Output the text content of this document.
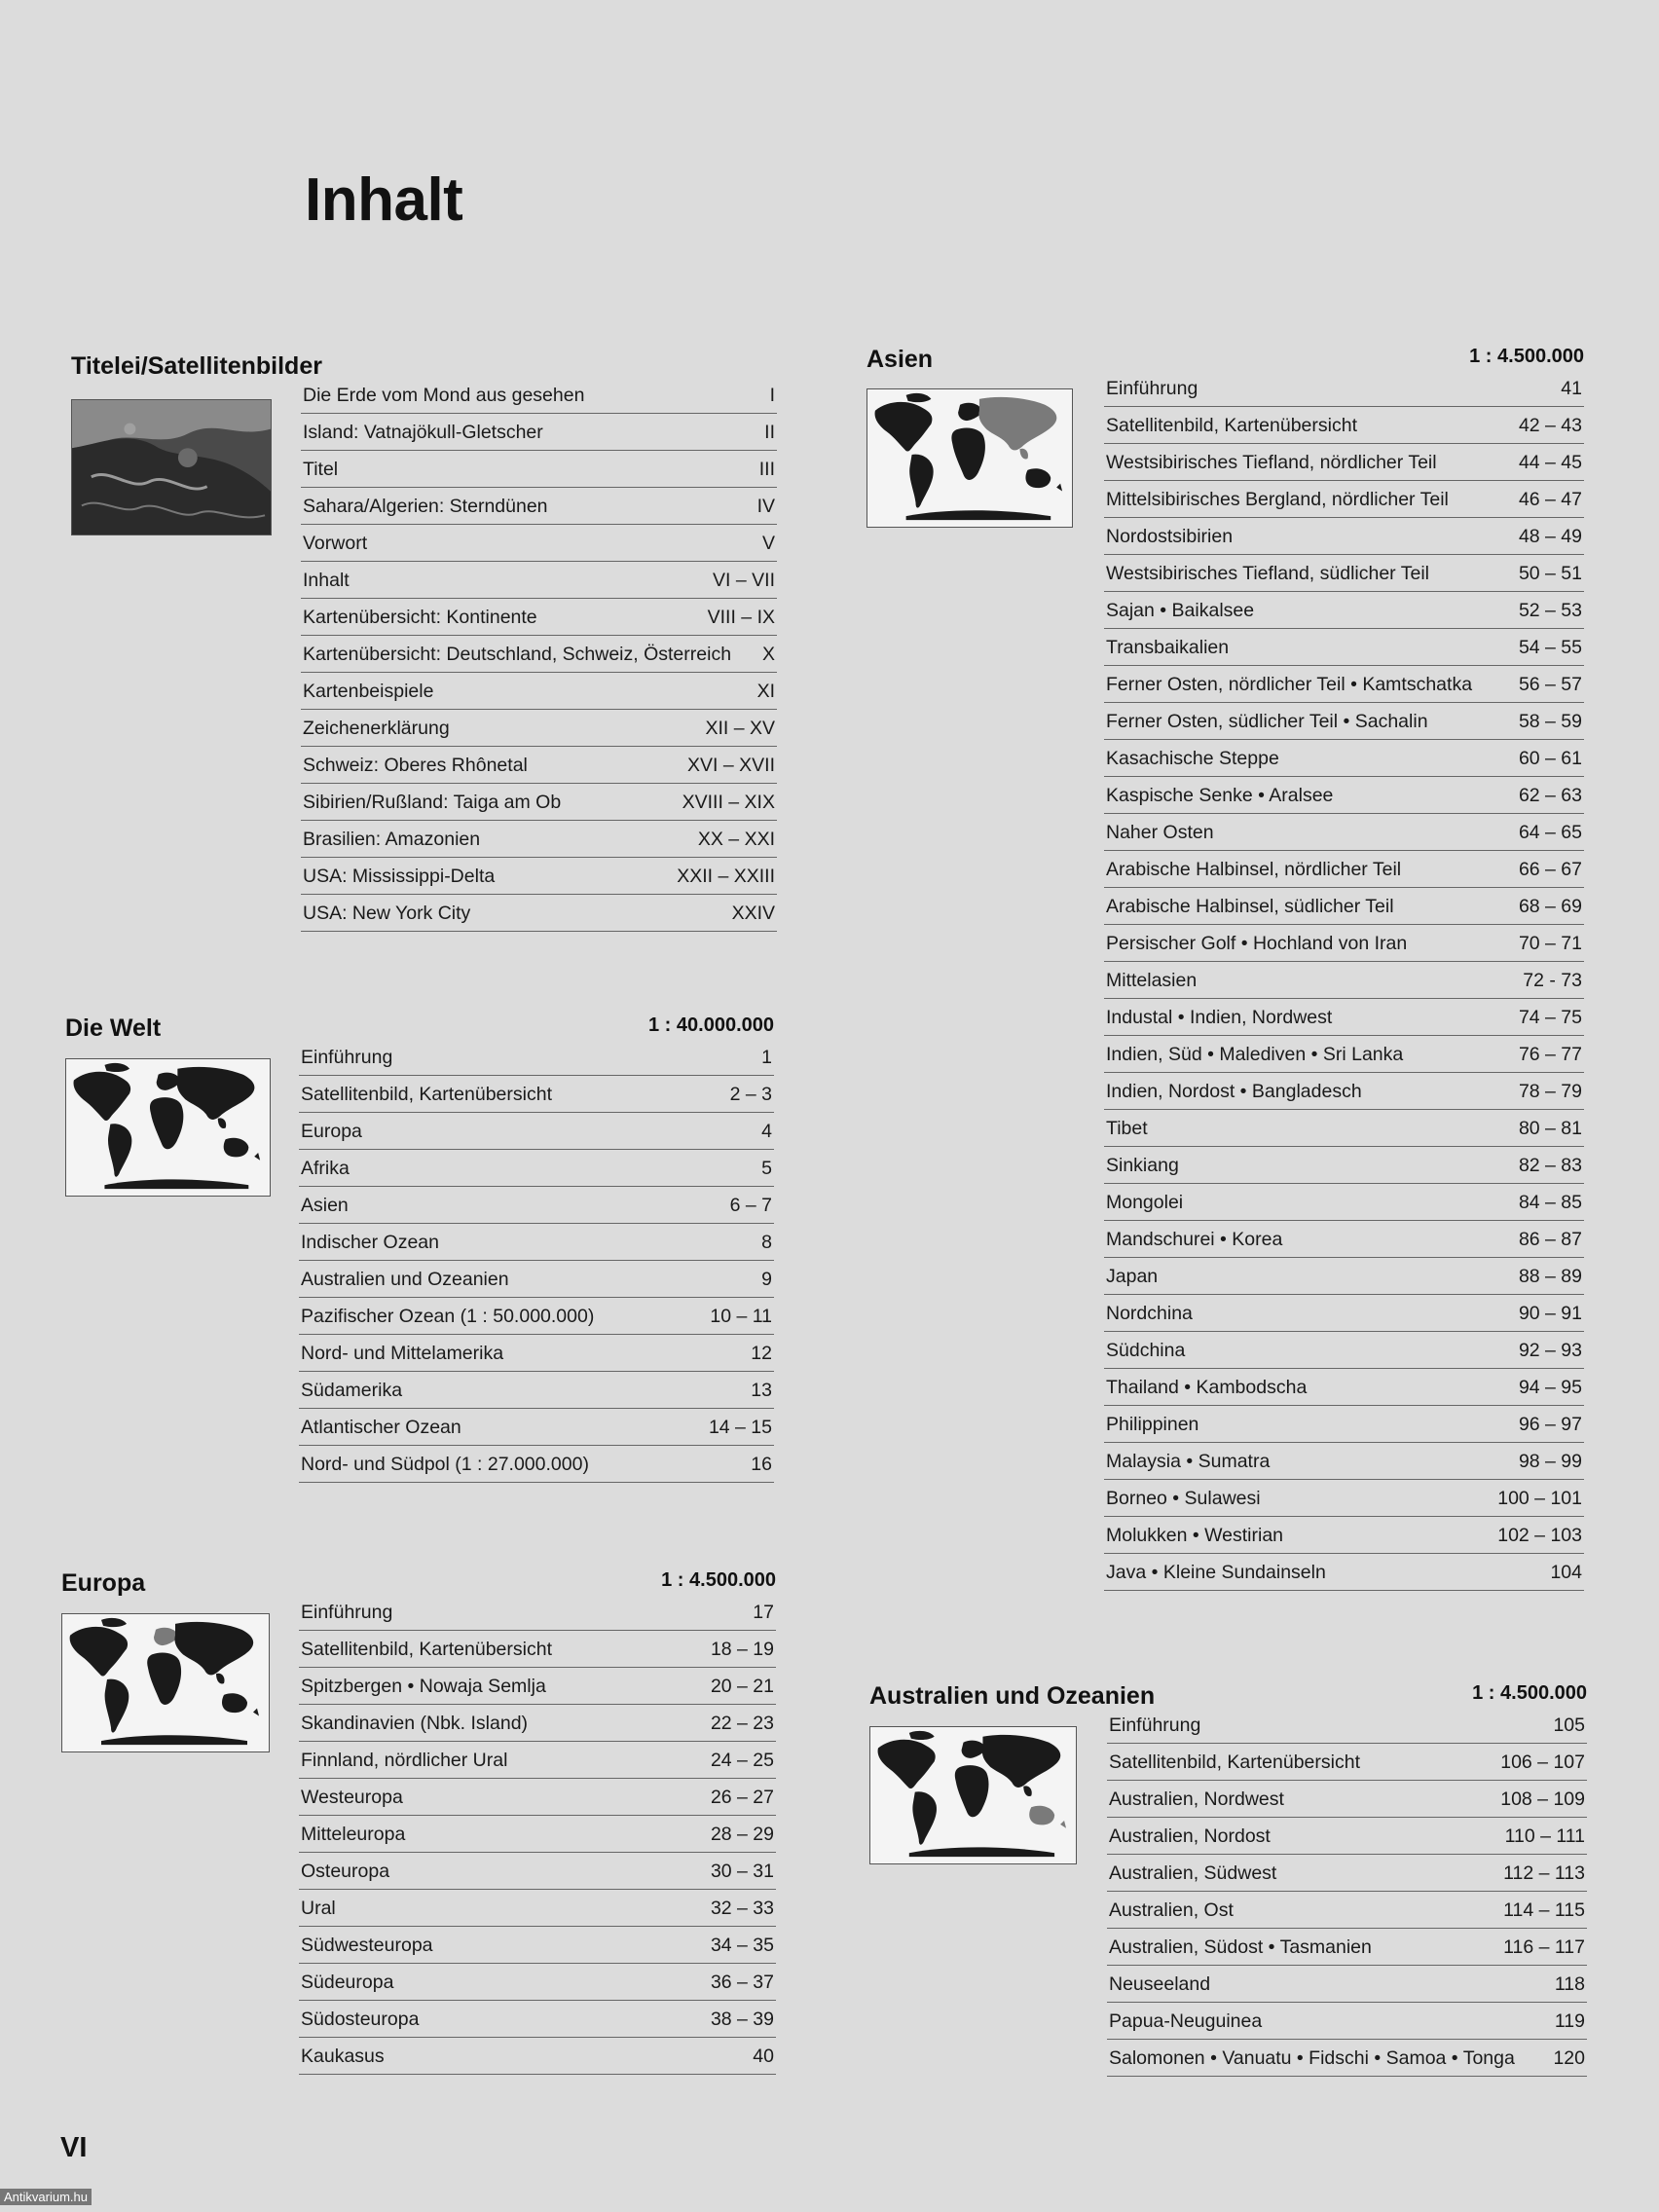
Inhalt
Titelei/Satellitenbilder
Die Erde vom Mond aus gesehen	I
Island: Vatnajökull-Gletscher	II
Titel	III
Sahara/Algerien: Sterndünen	IV
Vorwort	V
Inhalt	VI – VII
Kartenübersicht: Kontinente	VIII – IX
Kartenübersicht: Deutschland, Schweiz, Österreich	X
Kartenbeispiele	XI
Zeichenerklärung	XII – XV
Schweiz: Oberes Rhônetal	XVI – XVII
Sibirien/Rußland: Taiga am Ob	XVIII – XIX
Brasilien: Amazonien	XX – XXI
USA: Mississippi-Delta	XXII – XXIII
USA: New York City	XXIV
Die Welt	1 : 40.000.000
Einführung	1
Satellitenbild, Kartenübersicht	2 – 3
Europa	4
Afrika	5
Asien	6 – 7
Indischer Ozean	8
Australien und Ozeanien	9
Pazifischer Ozean (1 : 50.000.000)	10 – 11
Nord- und Mittelamerika	12
Südamerika	13
Atlantischer Ozean	14 – 15
Nord- und Südpol (1 : 27.000.000)	16
Europa	1 : 4.500.000
Einführung	17
Satellitenbild, Kartenübersicht	18 – 19
Spitzbergen • Nowaja Semlja	20 – 21
Skandinavien (Nbk. Island)	22 – 23
Finnland, nördlicher Ural	24 – 25
Westeuropa	26 – 27
Mitteleuropa	28 – 29
Osteuropa	30 – 31
Ural	32 – 33
Südwesteuropa	34 – 35
Südeuropa	36 – 37
Südosteuropa	38 – 39
Kaukasus	40
Asien	1 : 4.500.000
Einführung	41
Satellitenbild, Kartenübersicht	42 – 43
Westsibirisches Tiefland, nördlicher Teil	44 – 45
Mittelsibirisches Bergland, nördlicher Teil	46 – 47
Nordostsibirien	48 – 49
Westsibirisches Tiefland, südlicher Teil	50 – 51
Sajan • Baikalsee	52 – 53
Transbaikalien	54 – 55
Ferner Osten, nördlicher Teil • Kamtschatka	56 – 57
Ferner Osten, südlicher Teil • Sachalin	58 – 59
Kasachische Steppe	60 – 61
Kaspische Senke • Aralsee	62 – 63
Naher Osten	64 – 65
Arabische Halbinsel, nördlicher Teil	66 – 67
Arabische Halbinsel, südlicher Teil	68 – 69
Persischer Golf • Hochland von Iran	70 – 71
Mittelasien	72 - 73
Industal • Indien, Nordwest	74 – 75
Indien, Süd • Malediven • Sri Lanka	76 – 77
Indien, Nordost • Bangladesch	78 – 79
Tibet	80 – 81
Sinkiang	82 – 83
Mongolei	84 – 85
Mandschurei • Korea	86 – 87
Japan	88 – 89
Nordchina	90 – 91
Südchina	92 – 93
Thailand • Kambodscha	94 – 95
Philippinen	96 – 97
Malaysia • Sumatra	98 – 99
Borneo • Sulawesi	100 – 101
Molukken • Westirian	102 – 103
Java • Kleine Sundainseln	104
Australien und Ozeanien	1 : 4.500.000
Einführung	105
Satellitenbild, Kartenübersicht	106 – 107
Australien, Nordwest	108 – 109
Australien, Nordost	110 – 111
Australien, Südwest	112 – 113
Australien, Ost	114 – 115
Australien, Südost • Tasmanien	116 – 117
Neuseeland	118
Papua-Neuguinea	119
Salomonen • Vanuatu • Fidschi • Samoa • Tonga	120
VI
Antikvarium.hu
